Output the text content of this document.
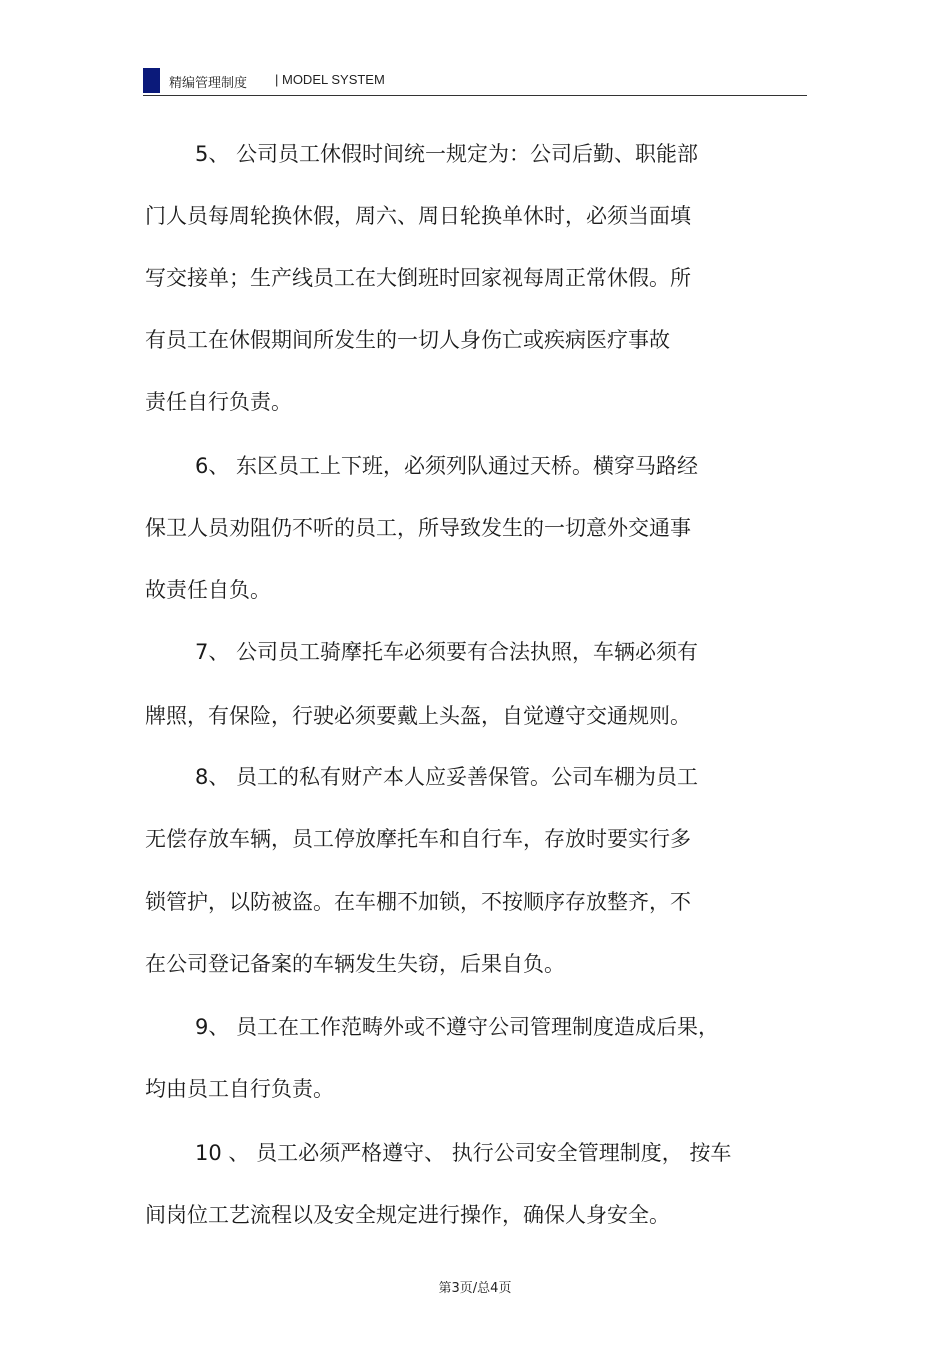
精编管理制度 | MODEL SYSTEM
5、 公司员工休假时间统一规定为：公司后勤、职能部
门人员每周轮换休假，周六、周日轮换单休时，必须当面填
写交接单；生产线员工在大倒班时回家视每周正常休假。所
有员工在休假期间所发生的一切人身伤亡或疾病医疗事故
责任自行负责。
6、 东区员工上下班，必须列队通过天桥。横穿马路经
保卫人员劝阻仍不听的员工，所导致发生的一切意外交通事
故责任自负。
7、 公司员工骑摩托车必须要有合法执照，车辆必须有
牌照，有保险，行驶必须要戴上头盔，自觉遵守交通规则。
8、 员工的私有财产本人应妥善保管。公司车棚为员工
无偿存放车辆，员工停放摩托车和自行车，存放时要实行多
锁管护，以防被盗。在车棚不加锁，不按顺序存放整齐，不
在公司登记备案的车辆发生失窃，后果自负。
9、 员工在工作范畴外或不遵守公司管理制度造成后果，
均由员工自行负责。
10 、 员工必须严格遵守、 执行公司安全管理制度， 按车
间岗位工艺流程以及安全规定进行操作，确保人身安全。
第3页/总4页
